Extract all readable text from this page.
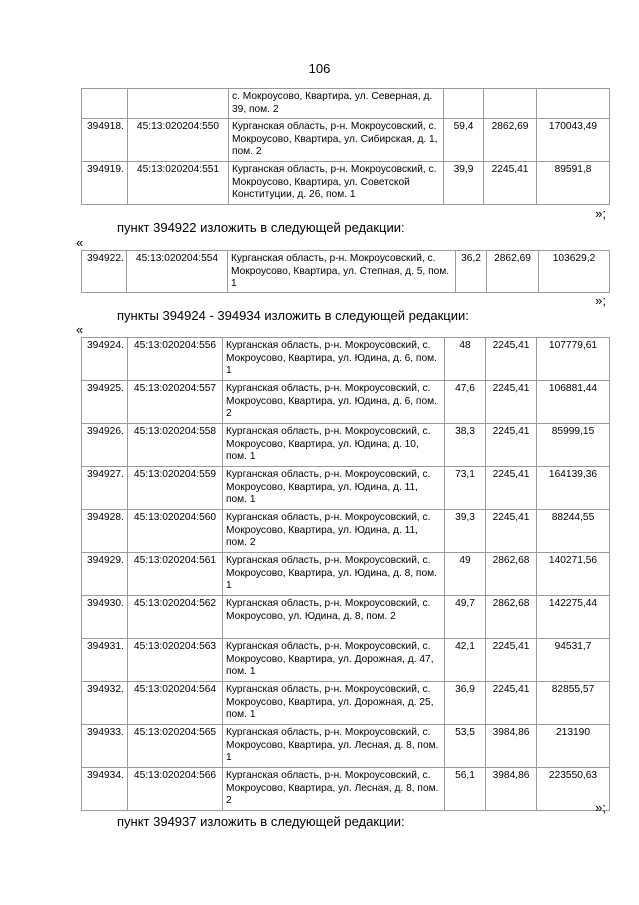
106
		с. Мокроусово, Квартира, ул. Северная, д. 39, пом. 2			
394918.	45:13:020204:550	Курганская область, р-н. Мокроусовский, с. Мокроусово, Квартира, ул. Сибирская, д. 1, пом. 2	59,4	2862,69	170043,49
394919.	45:13:020204:551	Курганская область, р-н. Мокроусовский, с. Мокроусово, Квартира, ул. Советской Конституции, д. 26, пом. 1	39,9	2245,41	89591,8
»;
пункт 394922 изложить в следующей редакции:
«
394922.	45:13:020204:554	Курганская область, р-н. Мокроусовский, с. Мокроусово, Квартира, ул. Степная, д. 5, пом. 1	36,2	2862,69	103629,2
»;
пункты 394924 - 394934 изложить в следующей редакции:
«
394924.	45:13:020204:556	Курганская область, р-н. Мокроусовский, с. Мокроусово, Квартира, ул. Юдина, д. 6, пом. 1	48	2245,41	107779,61
394925.	45:13:020204:557	Курганская область, р-н. Мокроусовский, с. Мокроусово, Квартира, ул. Юдина, д. 6, пом. 2	47,6	2245,41	106881,44
394926.	45:13:020204:558	Курганская область, р-н. Мокроусовский, с. Мокроусово, Квартира, ул. Юдина, д. 10, пом. 1	38,3	2245,41	85999,15
394927.	45:13:020204:559	Курганская область, р-н. Мокроусовский, с. Мокроусово, Квартира, ул. Юдина, д. 11, пом. 1	73,1	2245,41	164139,36
394928.	45:13:020204:560	Курганская область, р-н. Мокроусовский, с. Мокроусово, Квартира, ул. Юдина, д. 11, пом. 2	39,3	2245,41	88244,55
394929.	45:13:020204:561	Курганская область, р-н. Мокроусовский, с. Мокроусово, Квартира, ул. Юдина, д. 8, пом. 1	49	2862,68	140271,56
394930.	45:13:020204:562	Курганская область, р-н. Мокроусовский, с. Мокроусово, ул. Юдина, д. 8, пом. 2	49,7	2862,68	142275,44
394931.	45:13:020204:563	Курганская область, р-н. Мокроусовский, с. Мокроусово, Квартира, ул. Дорожная, д. 47, пом. 1	42,1	2245,41	94531,7
394932.	45:13:020204:564	Курганская область, р-н. Мокроусовский, с. Мокроусово, Квартира, ул. Дорожная, д. 25, пом. 1	36,9	2245,41	82855,57
394933.	45:13:020204:565	Курганская область, р-н. Мокроусовский, с. Мокроусово, Квартира, ул. Лесная, д. 8, пом. 1	53,5	3984,86	213190
394934.	45:13:020204:566	Курганская область, р-н. Мокроусовский, с. Мокроусово, Квартира, ул. Лесная, д. 8, пом. 2	56,1	3984,86	223550,63
»;
пункт 394937 изложить в следующей редакции:
